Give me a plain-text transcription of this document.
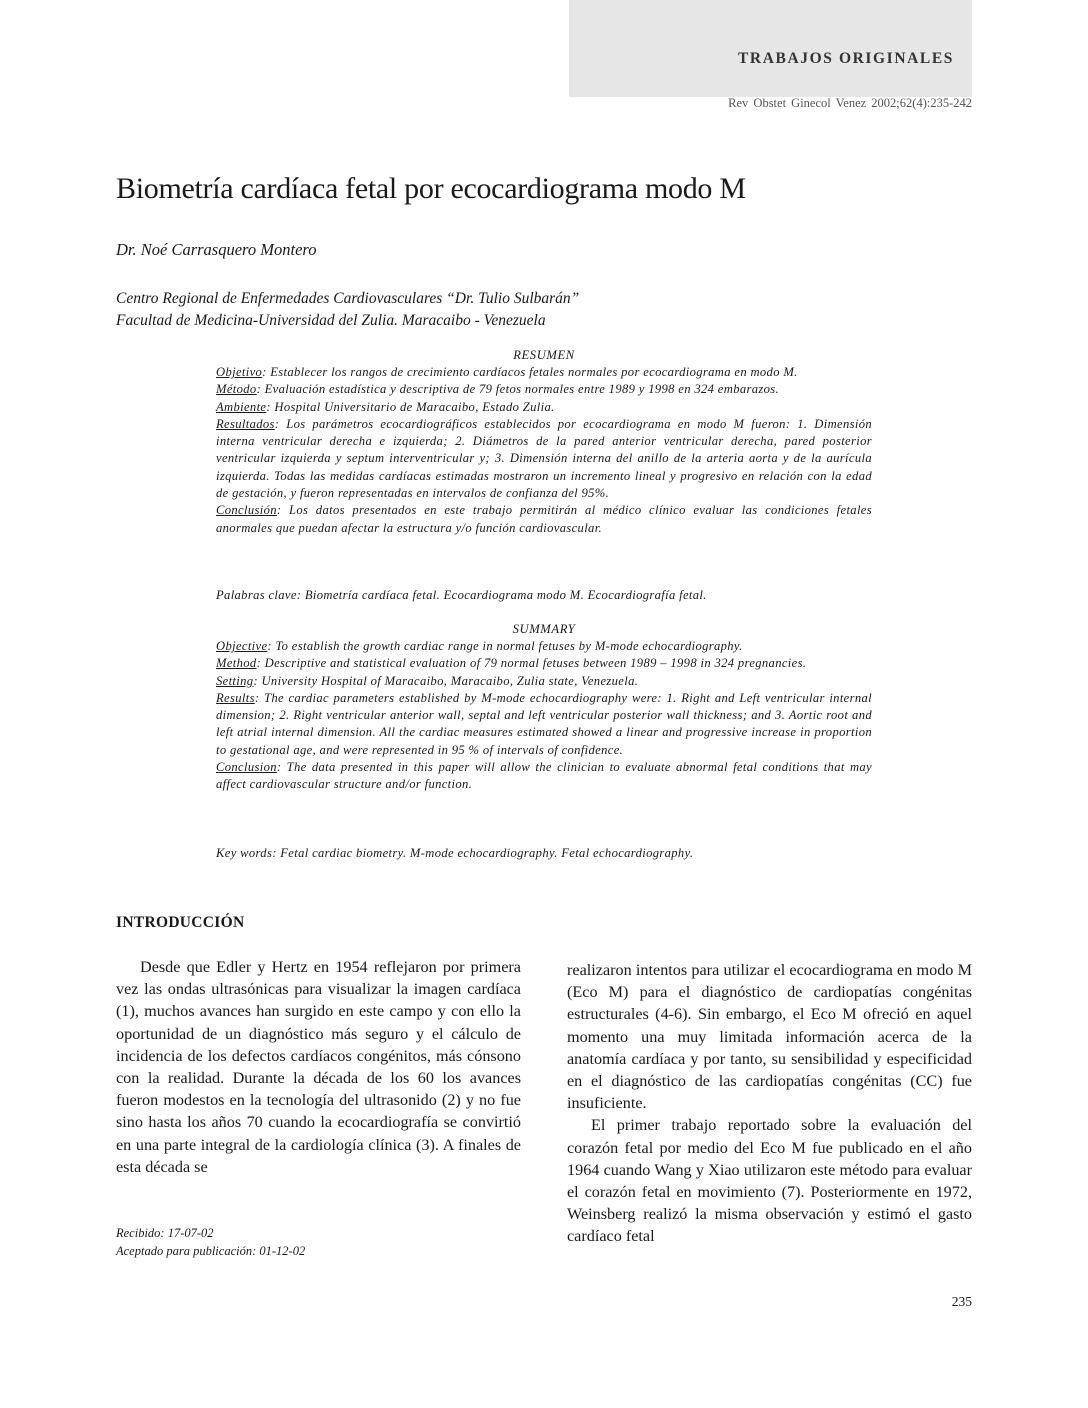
TRABAJOS ORIGINALES
Rev Obstet Ginecol Venez 2002;62(4):235-242
Biometría cardíaca fetal por ecocardiograma modo M
Dr. Noé Carrasquero Montero
Centro Regional de Enfermedades Cardiovasculares “Dr. Tulio Sulbarán”
Facultad de Medicina-Universidad del Zulia. Maracaibo - Venezuela

RESUMEN

Objetivo: Establecer los rangos de crecimiento cardíacos fetales normales por ecocardiograma en modo M.

Método: Evaluación estadística y descriptiva de 79 fetos normales entre 1989 y 1998 en 324 embarazos.

Ambiente: Hospital Universitario de Maracaibo, Estado Zulia.

Resultados: Los parámetros ecocardiográficos establecidos por ecocardiograma en modo M fueron: 1. Dimensión interna ventricular derecha e izquierda; 2. Diámetros de la pared anterior ventricular derecha, pared posterior ventricular izquierda y septum interventricular y; 3. Dimensión interna del anillo de la arteria aorta y de la aurícula izquierda. Todas las medidas cardíacas estimadas mostraron un incremento lineal y progresivo en relación con la edad de gestación, y fueron representadas en intervalos de confianza del 95%.

Conclusión: Los datos presentados en este trabajo permitirán al médico clínico evaluar las condiciones fetales anormales que puedan afectar la estructura y/o función cardiovascular.

Palabras clave: Biometría cardíaca fetal. Ecocardiograma modo M. Ecocardiografía fetal.

SUMMARY

Objective: To establish the growth cardiac range in normal fetuses by M-mode echocardiography.

Method: Descriptive and statistical evaluation of 79 normal fetuses between 1989 – 1998 in 324 pregnancies.

Setting: University Hospital of Maracaibo, Maracaibo, Zulia state, Venezuela.

Results: The cardiac parameters established by M-mode echocardiography were: 1. Right and Left ventricular internal dimension; 2. Right ventricular anterior wall, septal and left ventricular posterior wall thickness; and 3. Aortic root and left atrial internal dimension. All the cardiac measures estimated showed a linear and progressive increase in proportion to gestational age, and were represented in 95 % of intervals of confidence.

Conclusion: The data presented in this paper will allow the clinician to evaluate abnormal fetal conditions that may affect cardiovascular structure and/or function.

Key words: Fetal cardiac biometry. M-mode echocardiography. Fetal echocardiography.
INTRODUCCIÓN

Desde que Edler y Hertz en 1954 reflejaron por primera vez las ondas ultrasónicas para visualizar la imagen cardíaca (1), muchos avances han surgido en este campo y con ello la oportunidad de un diagnóstico más seguro y el cálculo de incidencia de los defectos cardíacos congénitos, más cónsono con la realidad. Durante la década de los 60 los avances fueron modestos en la tecnología del ultrasonido (2) y no fue sino hasta los años 70 cuando la ecocardiografía se convirtió en una parte integral de la cardiología clínica (3). A finales de esta década se

realizaron intentos para utilizar el ecocardiograma en modo M (Eco M) para el diagnóstico de cardiopatías congénitas estructurales (4-6). Sin embargo, el Eco M ofreció en aquel momento una muy limitada información acerca de la anatomía cardíaca y por tanto, su sensibilidad y especificidad en el diagnóstico de las cardiopatías congénitas (CC) fue insuficiente.

El primer trabajo reportado sobre la evaluación del corazón fetal por medio del Eco M fue publicado en el año 1964 cuando Wang y Xiao utilizaron este método para evaluar el corazón fetal en movimiento (7). Posteriormente en 1972, Weinsberg realizó la misma observación y estimó el gasto cardíaco fetal

Recibido: 17-07-02
Aceptado para publicación: 01-12-02
235
